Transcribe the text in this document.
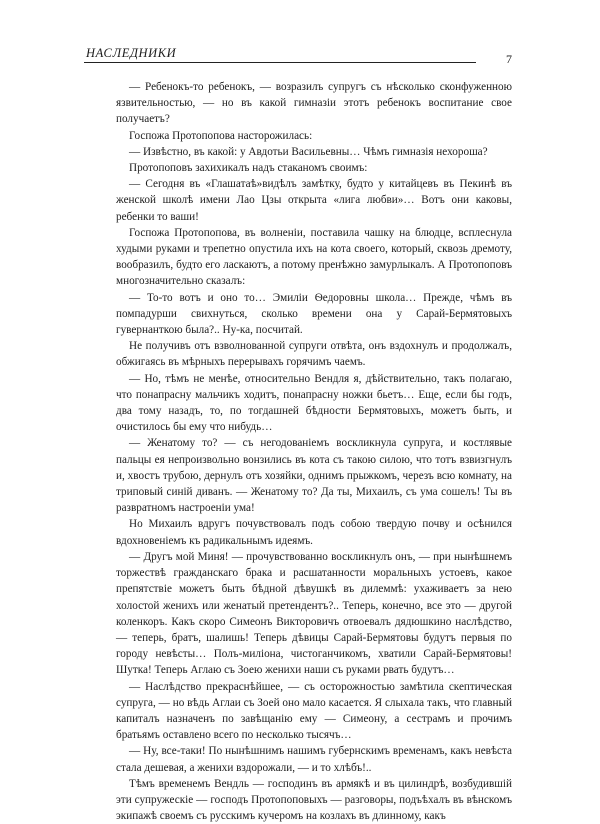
НАСЛЕДНИКИ	7

— Ребенокъ-то ребенокъ, — возразилъ супругъ съ нѣсколько сконфуженною язвительностью, — но въ какой гимназiи этотъ ребенокъ воспитание свое получаетъ?

Госпожа Протопопова насторожилась:

— Извѣстно, въ какой: у Авдотьи Васильевны… Чѣмъ гимназiя нехороша?

Протопоповъ захихикалъ надъ стаканомъ своимъ:

— Сегодня въ «Глашатаѣ»видѣлъ замѣтку, будто у китайцевъ въ Пекинѣ въ женской школѣ имени Лао Цзы открыта «лига любви»… Вотъ они каковы, ребенки то ваши!

Госпожа Протопопова, въ волненiи, поставила чашку на блюдце, всплеснула худыми руками и трепетно опустила ихъ на кота своего, который, сквозь дремоту, вообразилъ, будто его ласкаютъ, а потому пренѣжно замурлыкалъ. А Протопоповъ многозначительно сказалъ:

— То-то вотъ и оно то… Эмилiи Ѳедоровны школа… Прежде, чѣмъ въ помпадурши свихнуться, сколько времени она у Сарай-Бермятовыхъ гувернанткою была?.. Ну-ка, посчитай.

Не получивъ отъ взволнованной супруги отвѣта, онъ вздохнулъ и продолжалъ, обжигаясь въ мѣрныхъ перерывахъ горячимъ чаемъ.

— Но, тѣмъ не менѣе, относительно Вендля я, дѣйствительно, такъ полагаю, что понапрасну мальчикъ ходитъ, понапрасну ножки бьетъ… Еще, если бы годъ, два тому назадъ, то, по тогдашней бѣдности Бермятовыхъ, можетъ быть, и очистилось бы ему что нибудь…

— Женатому то? — съ негодованiемъ воскликнула супруга, и костлявые пальцы ея непроизвольно вонзились въ кота съ такою силою, что тотъ взвизгнулъ и, хвостъ трубою, дернулъ отъ хозяйки, однимъ прыжкомъ, черезъ всю комнату, на триповый синiй диванъ. — Женатому то? Да ты, Михаилъ, съ ума сошелъ! Ты въ развратномъ настроенiи ума!

Но Михаилъ вдругъ почувствовалъ подъ собою твердую почву и осѣнился вдохновенiемъ къ радикальнымъ идеямъ.

— Другъ мой Миня! — прочувствованно воскликнулъ онъ, — при нынѣшнемъ торжествѣ гражданскаго брака и расшатанности моральныхъ устоевъ, какое препятствiе можетъ быть бѣдной дѣвушкѣ въ дилеммѣ: ухаживаетъ за нею холостой женихъ или женатый претендентъ?.. Теперь, конечно, все это — другой коленкоръ. Какъ скоро Симеонъ Викторовичъ отвоевалъ дядюшкино наслѣдство, — теперь, братъ, шалишь! Теперь дѣвицы Сарай-Бермятовы будутъ первыя по городу невѣсты… Полъ-милiона, чистоганчикомъ, хватили Сарай-Бермятовы! Шутка! Теперь Аглаю съ Зоею женихи наши съ руками рвать будутъ…

— Наслѣдство прекраснѣйшее, — съ осторожностью замѣтила скептическая супруга, — но вѣдь Аглаи съ Зоей оно мало касается. Я слыхала такъ, что главный капиталъ назначенъ по завѣщанiю ему — Симеону, а сестрамъ и прочимъ братьямъ оставлено всего по несколько тысячъ…

— Ну, все-таки! По нынѣшнимъ нашимъ губернскимъ временамъ, какъ невѣста стала дешевая, а женихи вздорожали, — и то хлѣбъ!..

Тѣмъ временемъ Вендль — господинъ въ армякѣ и въ цилиндрѣ, возбудившiй эти супружескiе — господъ Протопоповыхъ — разговоры, подъѣхалъ въ вѣнскомъ экипажѣ своемъ съ русскимъ кучеромъ на козлахъ въ длинному, какъ
